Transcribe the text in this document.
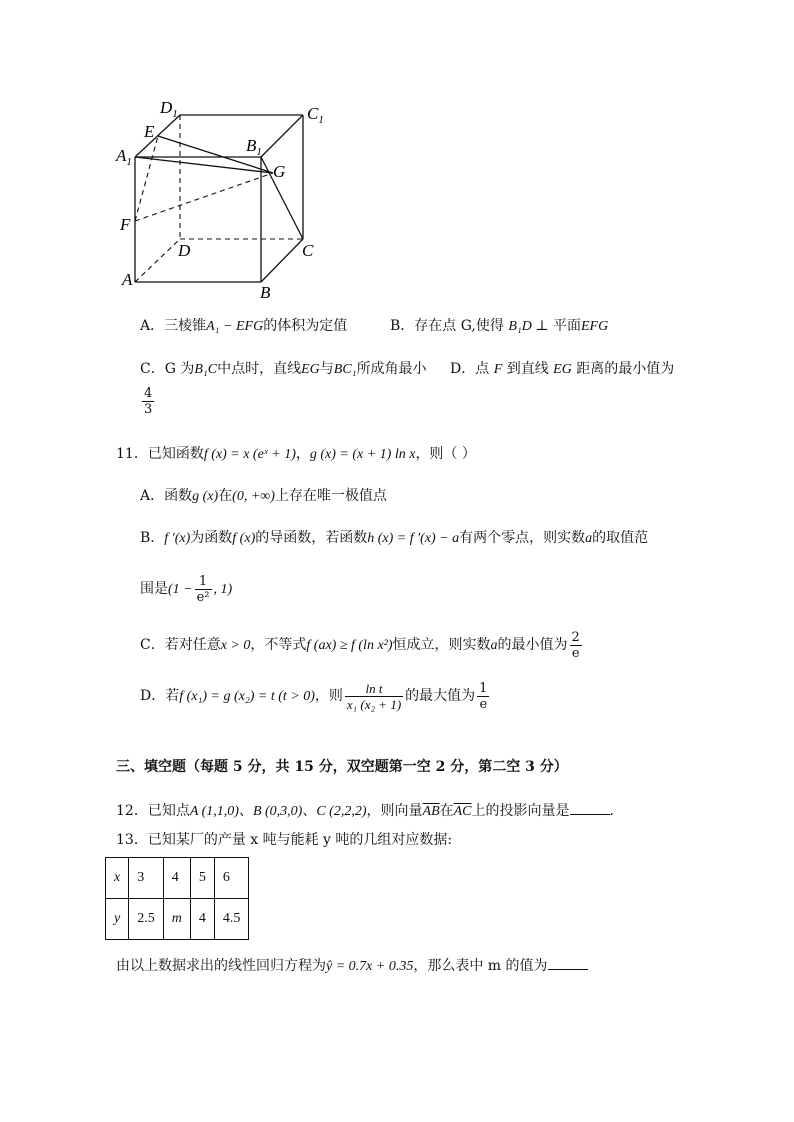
$D_1$	$C_1$
E
$B_1$
$A_1$	G
F
D	C
A
B
A．三棱锥A₁ − EFG的体积为定值	B．存在点 G,使得 B₁D ⊥ 平面EFG
C．G 为B₁C中点时，直线EG与BC₁所成角最小 D．点 F 到直线 EG 距离的最小值为
$\frac{4}{3}$
11．已知函数f (x) = x (eˣ + 1)，g (x) = (x + 1) ln x，则（ ）
A．函数g (x)在(0, +∞)上存在唯一极值点
B．f ′(x)为函数f (x)的导函数，若函数h (x) = f ′(x) − a有两个零点，则实数a的取值范
围是($1 - \frac{1}{\text{e²}}$ , 1)
C．若对任意x > 0，不等式f (ax) ≥ f (ln x²)恒成立，则实数a的最小值为 $\frac{2}{e}$
D．若f (x₁) = g (x₂) = t (t > 0)，则 $\frac{\text{ln t}}{\text{x₁ (x₂ + 1)}}$ 的最大值为 $\frac{1}{e}$
三、填空题（每题 5 分，共 15 分，双空题第一空 2 分，第二空 3 分）
12．已知点A (1,1,0)、B (0,3,0)、C (2,2,2)，则向量$\overline{AB}$在$\overline{AC}$上的投影向量是	.
13．已知某厂的产量 x 吨与能耗 y 吨的几组对应数据:
x	3	4	5	6
y	2.5	m	4	4.5
由以上数据求出的线性回归方程为ŷ = 0.7x + 0.35，那么表中 m 的值为
